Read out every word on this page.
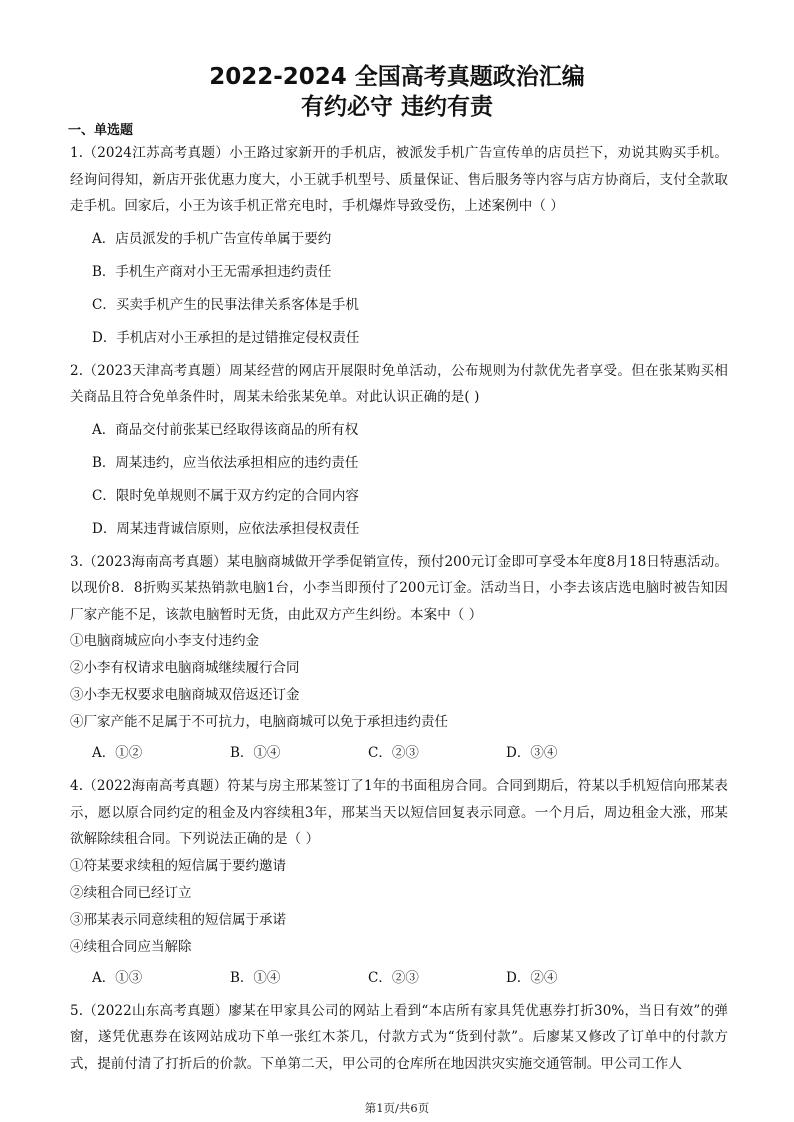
2022-2024 全国高考真题政治汇编
有约必守 违约有责
一、单选题
1.（2024江苏高考真题）小王路过家新开的手机店，被派发手机广告宣传单的店员拦下，劝说其购买手机。经询问得知，新店开张优惠力度大，小王就手机型号、质量保证、售后服务等内容与店方协商后，支付全款取走手机。回家后，小王为该手机正常充电时，手机爆炸导致受伤，上述案例中（ ）
A．店员派发的手机广告宣传单属于要约
B．手机生产商对小王无需承担违约责任
C．买卖手机产生的民事法律关系客体是手机
D．手机店对小王承担的是过错推定侵权责任
2.（2023天津高考真题）周某经营的网店开展限时免单活动，公布规则为付款优先者享受。但在张某购买相关商品且符合免单条件时，周某未给张某免单。对此认识正确的是( )
A．商品交付前张某已经取得该商品的所有权
B．周某违约，应当依法承担相应的违约责任
C．限时免单规则不属于双方约定的合同内容
D．周某违背诚信原则，应依法承担侵权责任
3.（2023海南高考真题）某电脑商城做开学季促销宣传，预付200元订金即可享受本年度8月18日特惠活动。以现价8．8折购买某热销款电脑1台，小李当即预付了200元订金。活动当日，小李去该店选电脑时被告知因厂家产能不足，该款电脑暂时无货，由此双方产生纠纷。本案中（ ）
①电脑商城应向小李支付违约金
②小李有权请求电脑商城继续履行合同
③小李无权要求电脑商城双倍返还订金
④厂家产能不足属于不可抗力，电脑商城可以免于承担违约责任
A．①②	B．①④	C．②③	D．③④
4.（2022海南高考真题）符某与房主邢某签订了1年的书面租房合同。合同到期后，符某以手机短信向邢某表示，愿以原合同约定的租金及内容续租3年，邢某当天以短信回复表示同意。一个月后，周边租金大涨，邢某欲解除续租合同。下列说法正确的是（ ）
①符某要求续租的短信属于要约邀请
②续租合同已经订立
③邢某表示同意续租的短信属于承诺
④续租合同应当解除
A．①③	B．①④	C．②③	D．②④
5.（2022山东高考真题）廖某在甲家具公司的网站上看到“本店所有家具凭优惠券打折30%，当日有效”的弹窗，遂凭优惠券在该网站成功下单一张红木茶几，付款方式为“货到付款”。后廖某又修改了订单中的付款方式，提前付清了打折后的价款。下单第二天，甲公司的仓库所在地因洪灾实施交通管制。甲公司工作人
第1页/共6页
